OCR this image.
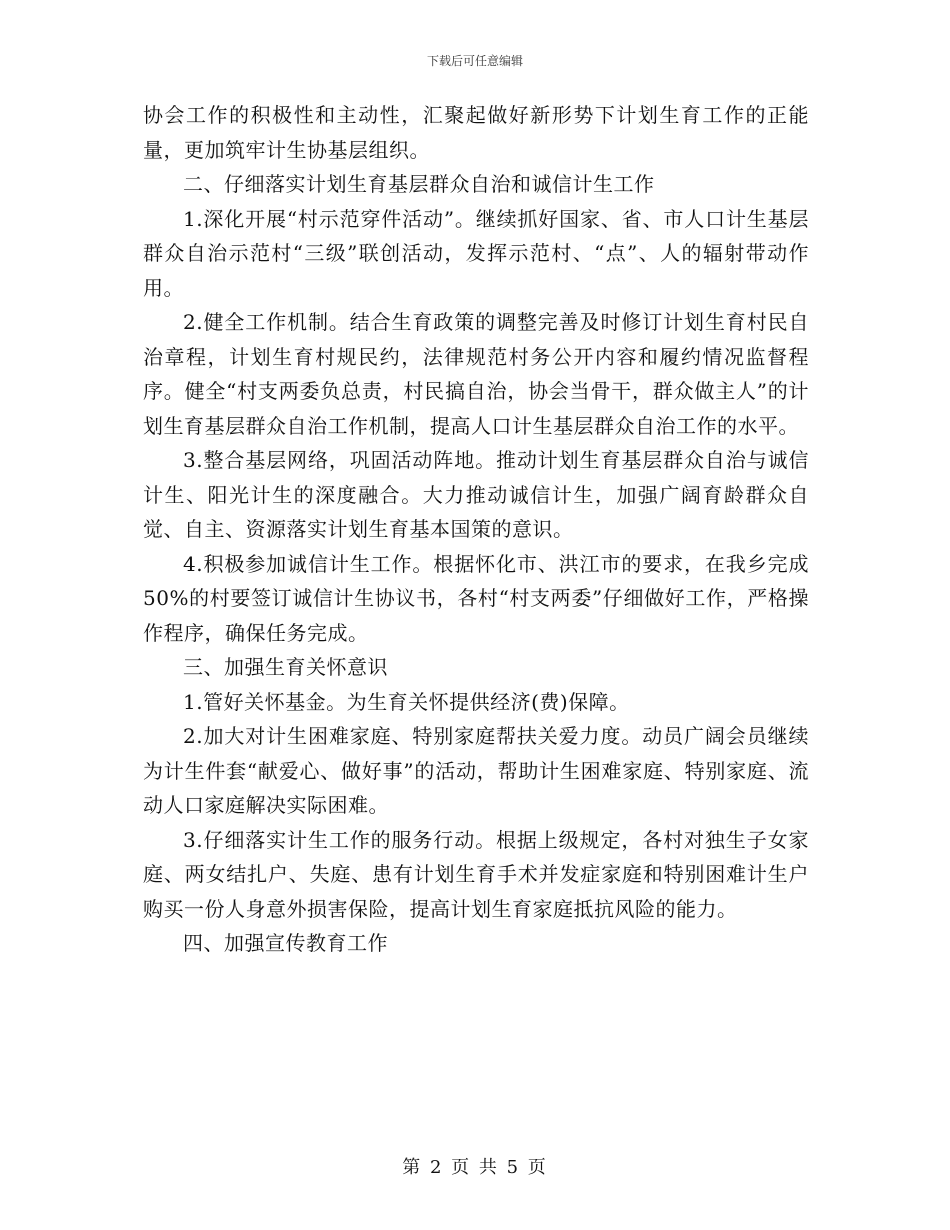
下载后可任意编辑

协会工作的积极性和主动性，汇聚起做好新形势下计划生育工作的正能量，更加筑牢计生协基层组织。

二、仔细落实计划生育基层群众自治和诚信计生工作

1.深化开展“村示范穿件活动”。继续抓好国家、省、市人口计生基层群众自治示范村“三级”联创活动，发挥示范村、“点”、人的辐射带动作用。

2.健全工作机制。结合生育政策的调整完善及时修订计划生育村民自治章程，计划生育村规民约，法律规范村务公开内容和履约情况监督程序。健全“村支两委负总责，村民搞自治，协会当骨干，群众做主人”的计划生育基层群众自治工作机制，提高人口计生基层群众自治工作的水平。

3.整合基层网络，巩固活动阵地。推动计划生育基层群众自治与诚信计生、阳光计生的深度融合。大力推动诚信计生，加强广阔育龄群众自觉、自主、资源落实计划生育基本国策的意识。

4.积极参加诚信计生工作。根据怀化市、洪江市的要求，在我乡完成50%的村要签订诚信计生协议书，各村“村支两委”仔细做好工作，严格操作程序，确保任务完成。

三、加强生育关怀意识

1.管好关怀基金。为生育关怀提供经济(费)保障。

2.加大对计生困难家庭、特别家庭帮扶关爱力度。动员广阔会员继续为计生件套“献爱心、做好事”的活动，帮助计生困难家庭、特别家庭、流动人口家庭解决实际困难。

3.仔细落实计生工作的服务行动。根据上级规定，各村对独生子女家庭、两女结扎户、失庭、患有计划生育手术并发症家庭和特别困难计生户购买一份人身意外损害保险，提高计划生育家庭抵抗风险的能力。

四、加强宣传教育工作

第 2 页 共 5 页
